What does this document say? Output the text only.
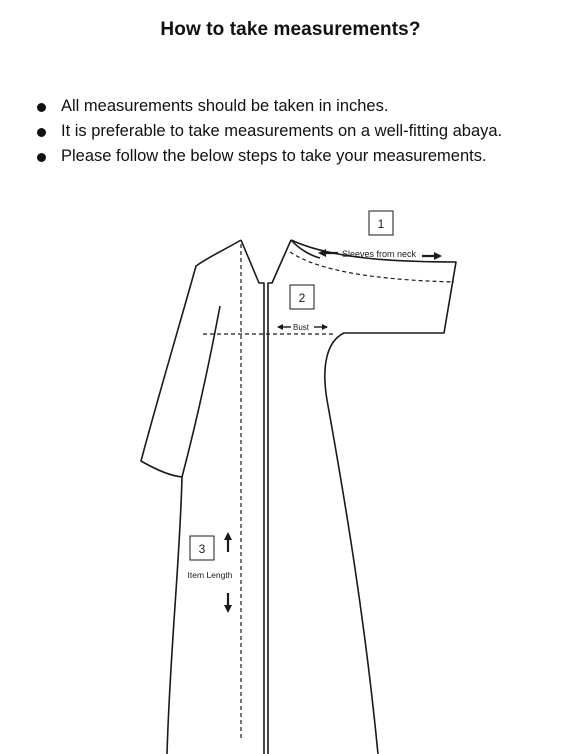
How to take measurements?
All measurements should be taken in inches.
It is preferable to take measurements on a well-fitting abaya.
Please follow the below steps to take your measurements.
1
2
3
Sleeves from neck
Bust
Item Length
